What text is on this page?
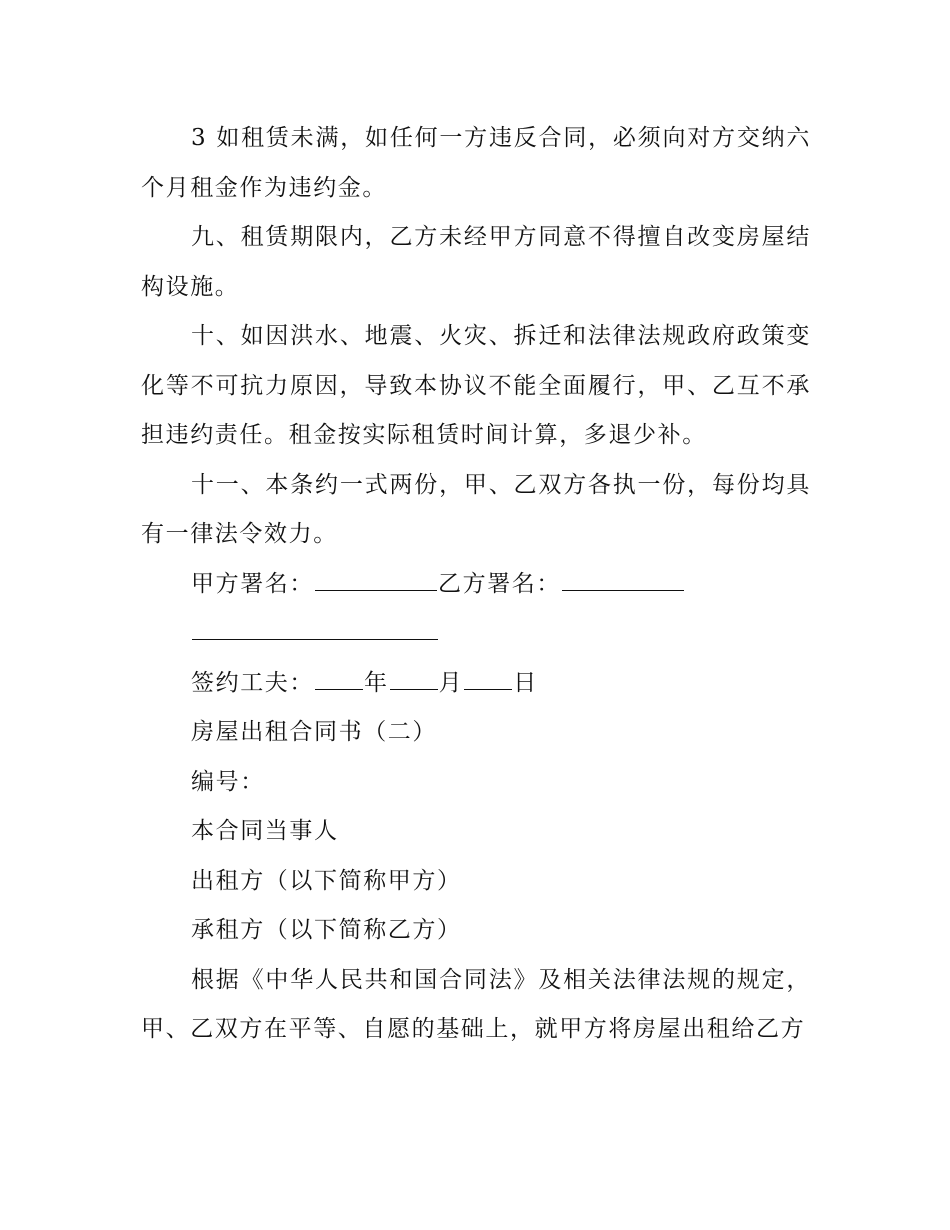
3 如租赁未满，如任何一方违反合同，必须向对方交纳六个月租金作为违约金。

九、租赁期限内，乙方未经甲方同意不得擅自改变房屋结构设施。

十、如因洪水、地震、火灾、拆迁和法律法规政府政策变化等不可抗力原因，导致本协议不能全面履行，甲、乙互不承担违约责任。租金按实际租赁时间计算，多退少补。

十一、本条约一式两份，甲、乙双方各执一份，每份均具有一律法令效力。

甲方署名：	乙方署名：

签约工夫： 年 月 日

房屋出租合同书（二）

编号：

本合同当事人

出租方（以下简称甲方）

承租方（以下简称乙方）

根据《中华人民共和国合同法》及相关法律法规的规定，甲、乙双方在平等、自愿的基础上，就甲方将房屋出租给乙方
